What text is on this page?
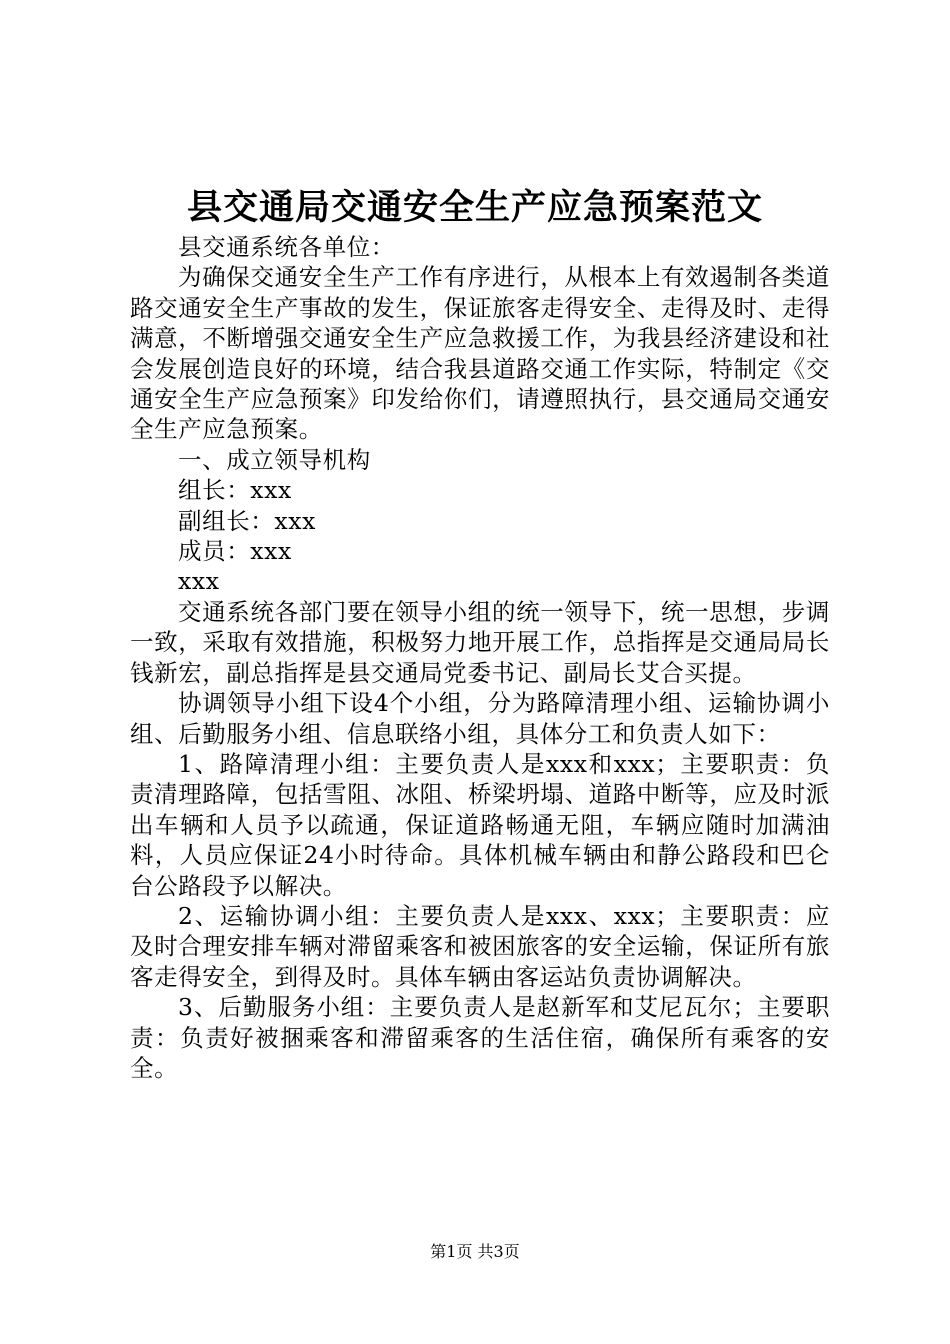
县交通局交通安全生产应急预案范文

县交通系统各单位：

为确保交通安全生产工作有序进行，从根本上有效遏制各类道路交通安全生产事故的发生，保证旅客走得安全、走得及时、走得满意，不断增强交通安全生产应急救援工作，为我县经济建设和社会发展创造良好的环境，结合我县道路交通工作实际，特制定《交通安全生产应急预案》印发给你们，请遵照执行，县交通局交通安全生产应急预案。

一、成立领导机构

组长：xxx

副组长：xxx

成员：xxx

xxx

交通系统各部门要在领导小组的统一领导下，统一思想，步调一致，采取有效措施，积极努力地开展工作，总指挥是交通局局长钱新宏，副总指挥是县交通局党委书记、副局长艾合买提。

协调领导小组下设4个小组，分为路障清理小组、运输协调小组、后勤服务小组、信息联络小组，具体分工和负责人如下：

1、路障清理小组：主要负责人是xxx和xxx；主要职责：负责清理路障，包括雪阻、冰阻、桥梁坍塌、道路中断等，应及时派出车辆和人员予以疏通，保证道路畅通无阻，车辆应随时加满油料，人员应保证24小时待命。具体机械车辆由和静公路段和巴仑台公路段予以解决。

2、运输协调小组：主要负责人是xxx、xxx；主要职责：应及时合理安排车辆对滞留乘客和被困旅客的安全运输，保证所有旅客走得安全，到得及时。具体车辆由客运站负责协调解决。

3、后勤服务小组：主要负责人是赵新军和艾尼瓦尔；主要职责：负责好被捆乘客和滞留乘客的生活住宿，确保所有乘客的安全。

第1页 共3页
